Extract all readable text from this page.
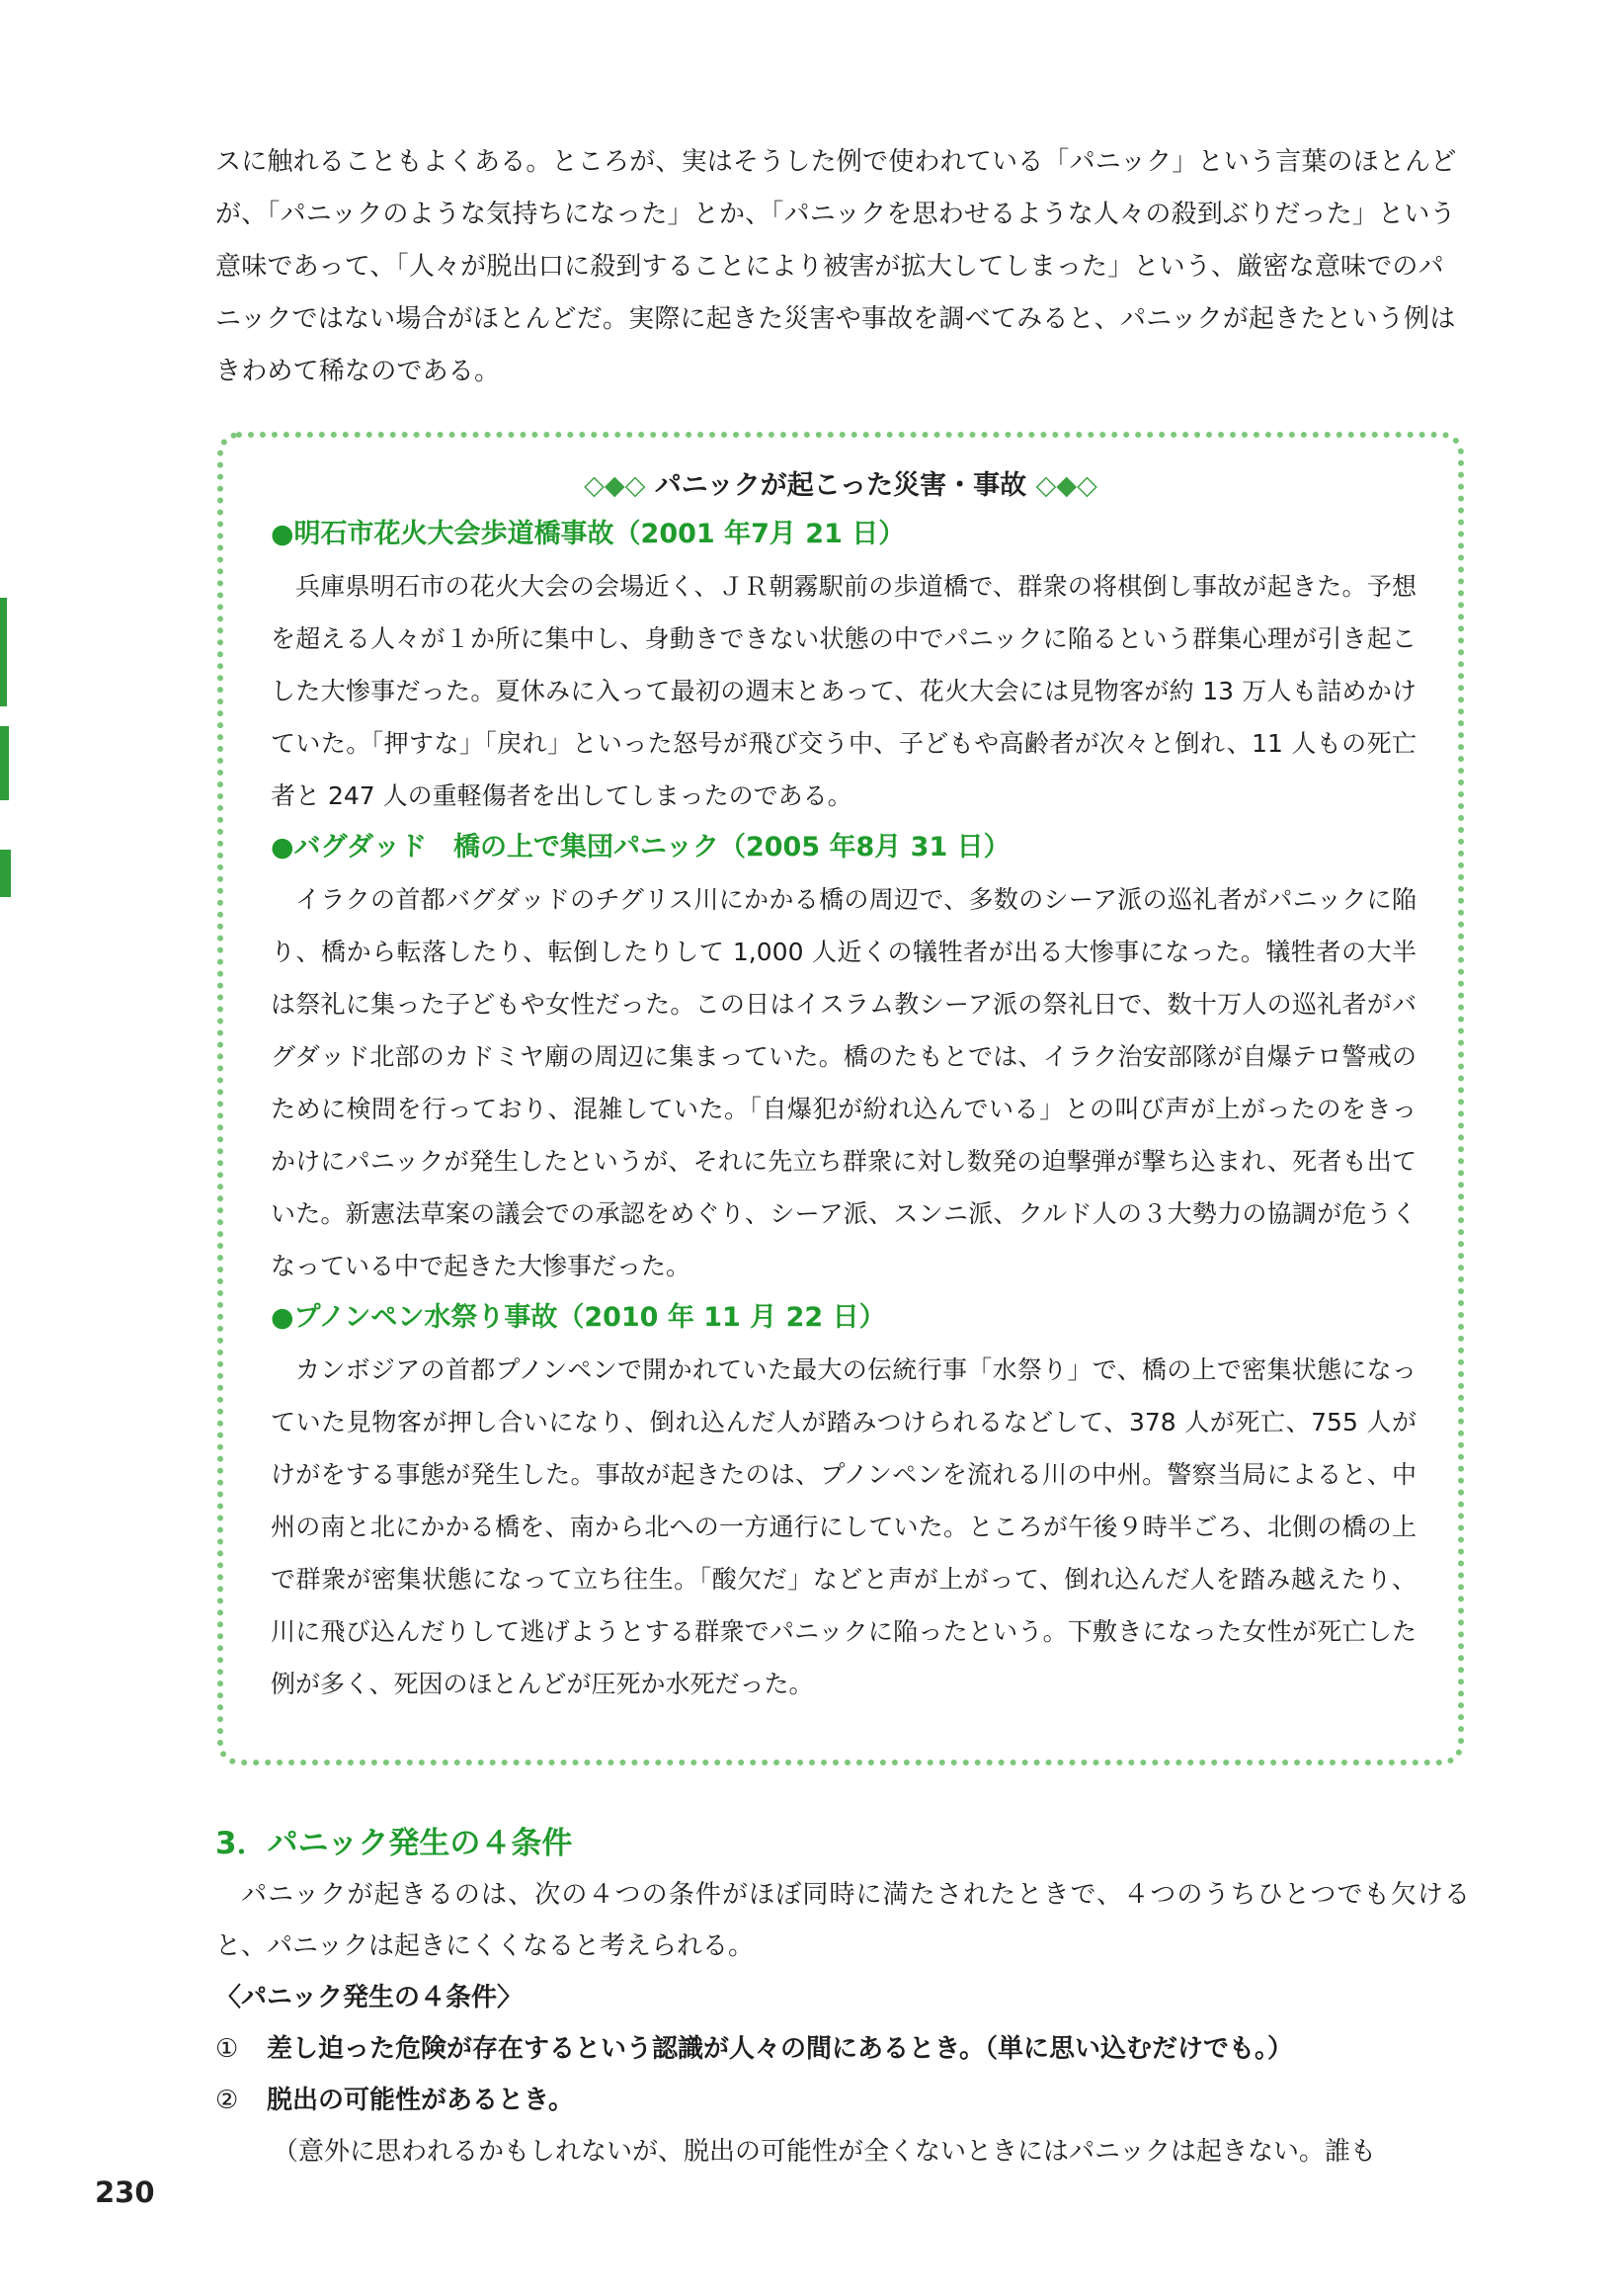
スに触れることもよくある。ところが、実はそうした例で使われている「パニック」という言葉のほとんどが、「パニックのような気持ちになった」とか、「パニックを思わせるような人々の殺到ぶりだった」という意味であって、「人々が脱出口に殺到することにより被害が拡大してしまった」という、厳密な意味でのパニックではない場合がほとんどだ。実際に起きた災害や事故を調べてみると、パニックが起きたという例はきわめて稀なのである。

◇◆◇ パニックが起こった災害・事故 ◇◆◇
●明石市花火大会歩道橋事故（2001 年7月 21 日）

兵庫県明石市の花火大会の会場近く、ＪＲ朝霧駅前の歩道橋で、群衆の将棋倒し事故が起きた。予想を超える人々が１か所に集中し、身動きできない状態の中でパニックに陥るという群集心理が引き起こした大惨事だった。夏休みに入って最初の週末とあって、花火大会には見物客が約 13 万人も詰めかけていた。「押すな」「戻れ」といった怒号が飛び交う中、子どもや高齢者が次々と倒れ、11 人もの死亡者と 247 人の重軽傷者を出してしまったのである。

●バグダッド　橋の上で集団パニック（2005 年8月 31 日）

イラクの首都バグダッドのチグリス川にかかる橋の周辺で、多数のシーア派の巡礼者がパニックに陥り、橋から転落したり、転倒したりして 1,000 人近くの犠牲者が出る大惨事になった。犠牲者の大半は祭礼に集った子どもや女性だった。この日はイスラム教シーア派の祭礼日で、数十万人の巡礼者がバグダッド北部のカドミヤ廟の周辺に集まっていた。橋のたもとでは、イラク治安部隊が自爆テロ警戒のために検問を行っており、混雑していた。「自爆犯が紛れ込んでいる」との叫び声が上がったのをきっかけにパニックが発生したというが、それに先立ち群衆に対し数発の迫撃弾が撃ち込まれ、死者も出ていた。新憲法草案の議会での承認をめぐり、シーア派、スンニ派、クルド人の３大勢力の協調が危うくなっている中で起きた大惨事だった。

●プノンペン水祭り事故（2010 年 11 月 22 日）

カンボジアの首都プノンペンで開かれていた最大の伝統行事「水祭り」で、橋の上で密集状態になっていた見物客が押し合いになり、倒れ込んだ人が踏みつけられるなどして、378 人が死亡、755 人がけがをする事態が発生した。事故が起きたのは、プノンペンを流れる川の中州。警察当局によると、中州の南と北にかかる橋を、南から北への一方通行にしていた。ところが午後９時半ごろ、北側の橋の上で群衆が密集状態になって立ち往生。「酸欠だ」などと声が上がって、倒れ込んだ人を踏み越えたり、川に飛び込んだりして逃げようとする群衆でパニックに陥ったという。下敷きになった女性が死亡した例が多く、死因のほとんどが圧死か水死だった。

3．パニック発生の４条件

パニックが起きるのは、次の４つの条件がほぼ同時に満たされたときで、４つのうちひとつでも欠けると、パニックは起きにくくなると考えられる。

〈パニック発生の４条件〉

①	差し迫った危険が存在するという認識が人々の間にあるとき。（単に思い込むだけでも。）
②	脱出の可能性があるとき。

（意外に思われるかもしれないが、脱出の可能性が全くないときにはパニックは起きない。誰も

230
